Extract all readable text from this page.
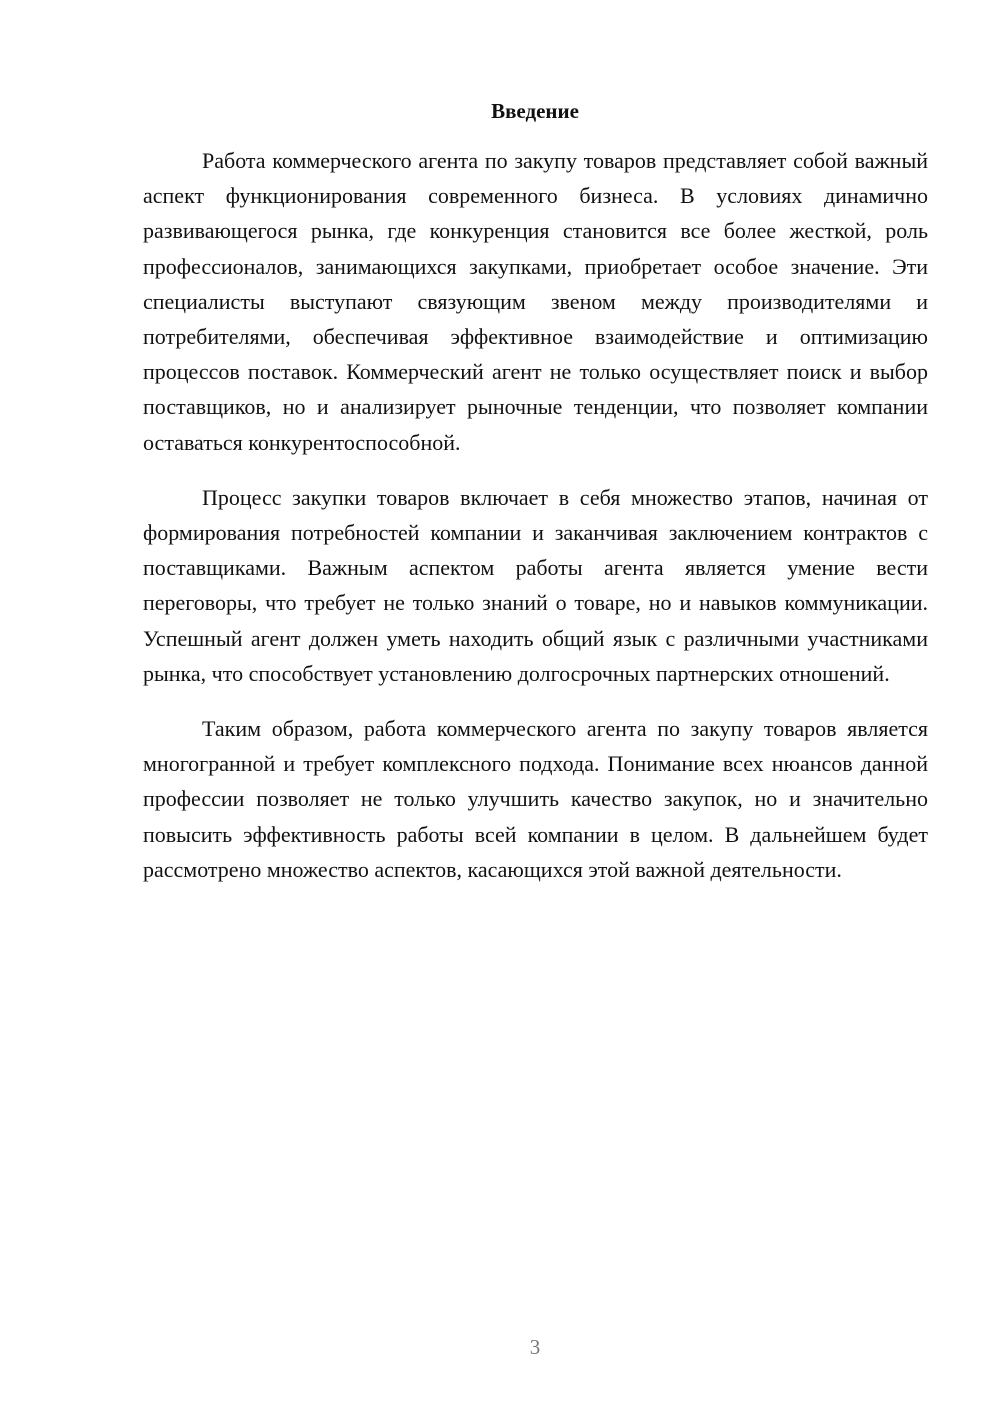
Введение

Работа коммерческого агента по закупу товаров представляет собой важный аспект функционирования современного бизнеса. В условиях динамично развивающегося рынка, где конкуренция становится все более жесткой, роль профессионалов, занимающихся закупками, приобретает особое значение. Эти специалисты выступают связующим звеном между производителями и потребителями, обеспечивая эффективное взаимодействие и оптимизацию процессов поставок. Коммерческий агент не только осуществляет поиск и выбор поставщиков, но и анализирует рыночные тенденции, что позволяет компании оставаться конкурентоспособной.

Процесс закупки товаров включает в себя множество этапов, начиная от формирования потребностей компании и заканчивая заключением контрактов с поставщиками. Важным аспектом работы агента является умение вести переговоры, что требует не только знаний о товаре, но и навыков коммуникации. Успешный агент должен уметь находить общий язык с различными участниками рынка, что способствует установлению долгосрочных партнерских отношений.

Таким образом, работа коммерческого агента по закупу товаров является многогранной и требует комплексного подхода. Понимание всех нюансов данной профессии позволяет не только улучшить качество закупок, но и значительно повысить эффективность работы всей компании в целом. В дальнейшем будет рассмотрено множество аспектов, касающихся этой важной деятельности.

3
